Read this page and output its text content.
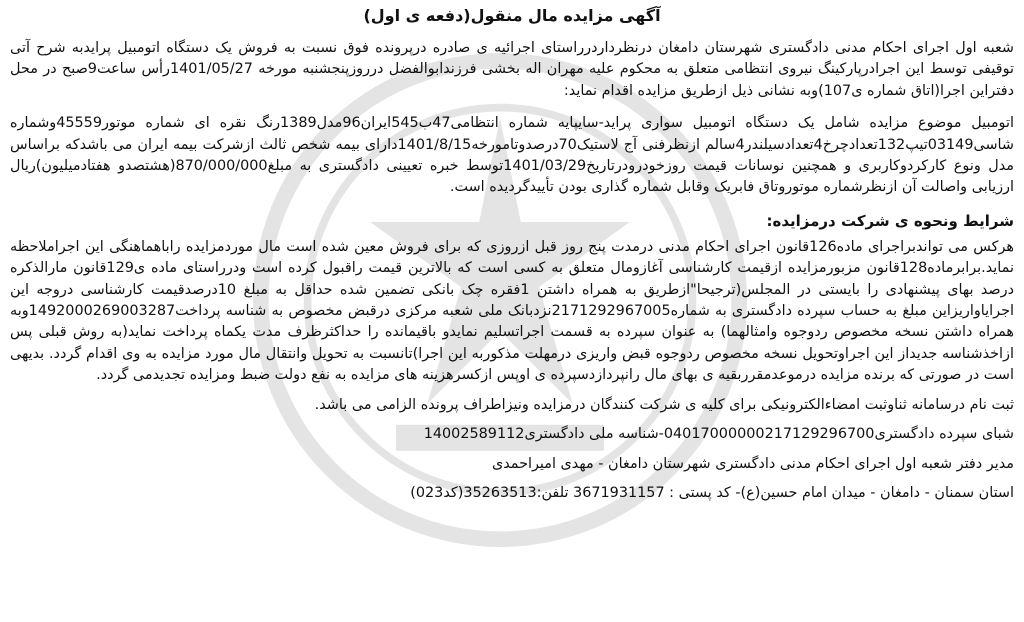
آگهی مزایده مال منقول(دفعه ی اول)

شعبه اول اجرای احکام مدنی دادگستری شهرستان دامغان درنظرداردرراستای اجرائیه ی صادره درپرونده فوق نسبت به فروش یک دستگاه اتومبیل پرایدبه شرح آتی توقیفی توسط این اجرادرپارکینگ نیروی انتظامی متعلق به محکوم علیه مهران اله بخشی فرزندابوالفضل درروزپنجشنبه مورخه 1401/05/27رأس ساعت9صبح در محل دفتراین اجرا(اتاق شماره ی107)وبه نشانی ذیل ازطریق مزایده اقدام نماید:

اتومبیل موضوع مزایده شامل یک دستگاه اتومبیل سواری پراید-سایپایه شماره انتظامی47ب545ایران96مدل1389رنگ نقره ای شماره موتور45559وشماره شاسی03149تیپ132تعدادچرخ4تعدادسیلندر4سالم ازنظرفنی آج لاستیک70درصدوتامورخه1401/8/15دارای بیمه شخص ثالث ازشرکت بیمه ایران می باشدکه براساس مدل ونوع کارکردوکاربری و همچنین نوسانات قیمت روزخودرودرتاریخ1401/03/29توسط خبره تعیینی دادگستری به مبلغ870/000/000(هشتصدو هفتادمیلیون)ریال ارزیابی واصالت آن ازنظرشماره موتوروتاق فابریک وقابل شماره گذاری بودن تأییدگردیده است.

شرایط ونحوه ی شرکت درمزایده:

هرکس می تواندبراجرای ماده126قانون اجرای احکام مدنی درمدت پنج روز قبل ازروزی که برای فروش معین شده است مال موردمزایده راباهماهنگی این اجراملاحظه نماید.برابرماده128قانون مزبورمزایده ازقیمت کارشناسی آغازومال متعلق به کسی است که بالاترین قیمت راقبول کرده است ودرراستای ماده ی129قانون مارالذکره درصد بهای پیشنهادی را بایستی در المجلس(ترجیحا"ازطریق به همراه داشتن 1فقره چک بانکی تضمین شده حداقل به مبلغ 10درصدقیمت کارشناسی دروجه این اجرایاواریزاین مبلغ به حساب سپرده دادگستری به شماره2171292967005نزدبانک ملی شعبه مرکزی درقبض مخصوص به شناسه پرداخت1492000269003287وبه همراه داشتن نسخه مخصوص ردوجوه وامثالهما) به عنوان سپرده به قسمت اجراتسلیم نمایدو باقیمانده را حداکثرظرف مدت یکماه پرداخت نماید(به روش قبلی پس ازاخذشناسه جدیداز این اجراوتحویل نسخه مخصوص ردوجوه قبض واریزی درمهلت مذکوربه این اجرا)تانسبت به تحویل وانتقال مال مورد مزایده به وی اقدام گردد. بدیهی است در صورتی که برنده مزایده درموعدمقرربقیه ی بهای مال رانپردازدسپرده ی اوپس ازکسرهزینه های مزایده به نفع دولت ضبط ومزایده تجدیدمی گردد.

ثبت نام درسامانه ثناوثبت امضاءالکترونیکی برای کلیه ی شرکت کنندگان درمزایده ونیزاطراف پرونده الزامی می باشد.

شبای سپرده دادگستری04017000000217129296700-شناسه ملی دادگستری14002589112

مدیر دفتر شعبه اول اجرای احکام مدنی دادگستری شهرستان دامغان - مهدی امیراحمدی

استان سمنان - دامغان - میدان امام حسین(ع)- کد پستی : 3671931157 تلفن:35263513(کد023)
